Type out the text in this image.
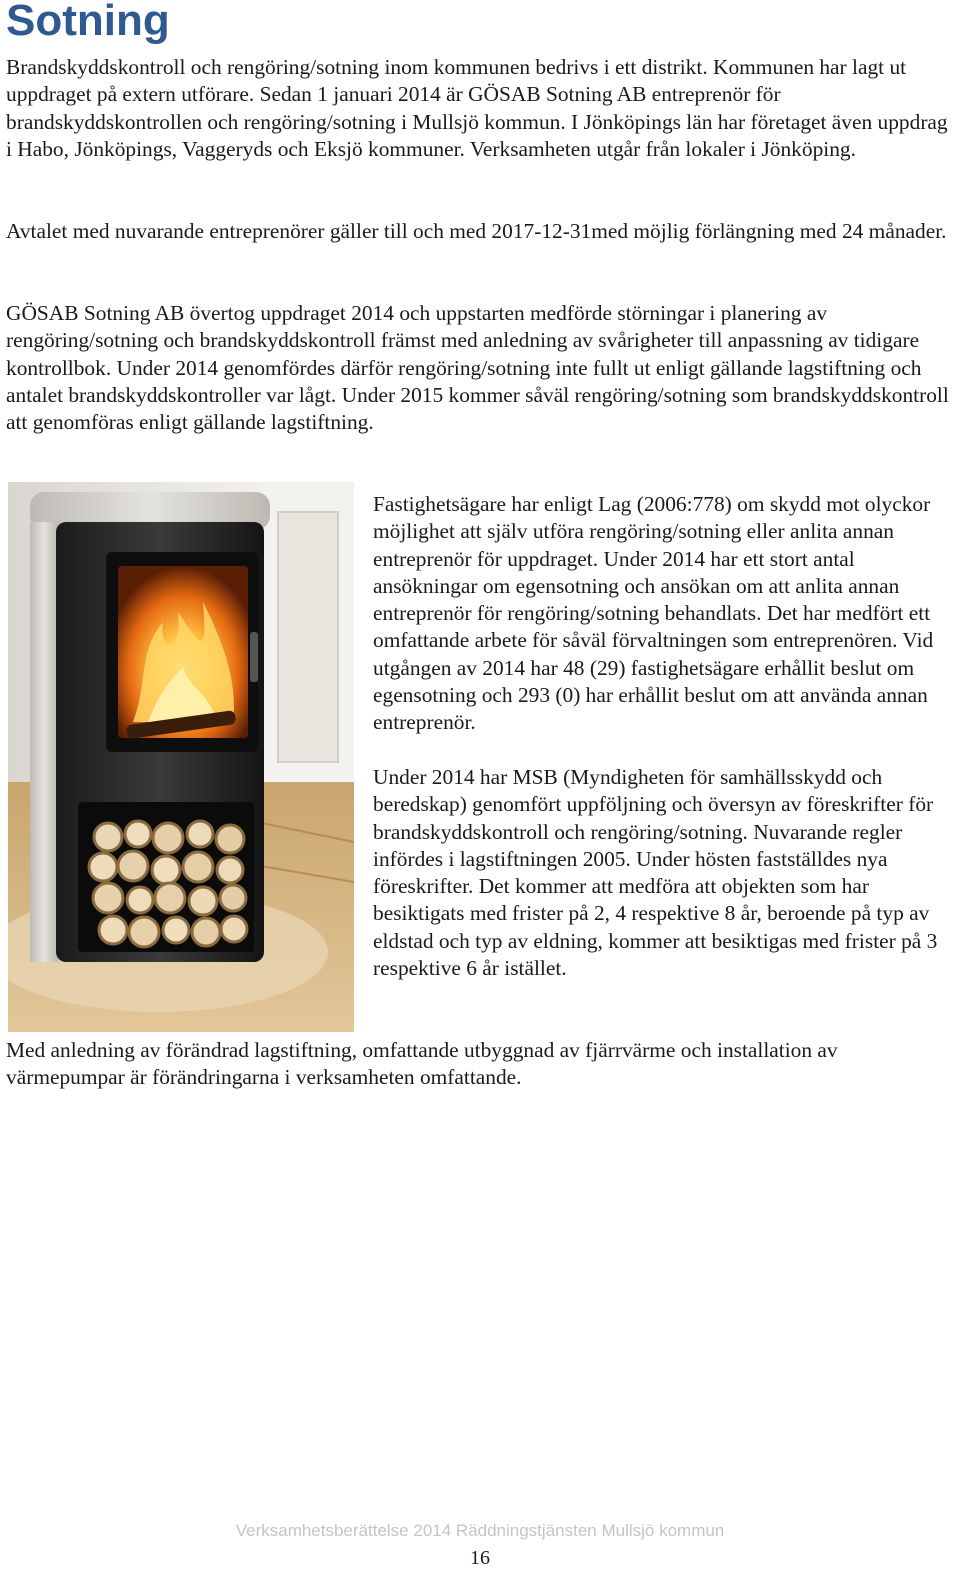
Sotning

Brandskyddskontroll och rengöring/sotning inom kommunen bedrivs i ett distrikt. Kommunen har lagt ut uppdraget på extern utförare. Sedan 1 januari 2014 är GÖSAB Sotning AB entreprenör för brandskyddskontrollen och rengöring/sotning i Mullsjö kommun. I Jönköpings län har företaget även uppdrag i Habo, Jönköpings, Vaggeryds och Eksjö kommuner. Verksamheten utgår från lokaler i Jönköping.

Avtalet med nuvarande entreprenörer gäller till och med 2017-12-31med möjlig förlängning med 24 månader.

GÖSAB Sotning AB övertog uppdraget 2014 och uppstarten medförde störningar i planering av rengöring/sotning och brandskyddskontroll främst med anledning av svårigheter till anpassning av tidigare kontrollbok. Under 2014 genomfördes därför rengöring/sotning inte fullt ut enligt gällande lagstiftning och antalet brandskyddskontroller var lågt. Under 2015 kommer såväl rengöring/sotning som brandskyddskontroll att genomföras enligt gällande lagstiftning.

Fastighetsägare har enligt Lag (2006:778) om skydd mot olyckor möjlighet att själv utföra rengöring/sotning eller anlita annan entreprenör för uppdraget. Under 2014 har ett stort antal ansökningar om egensotning och ansökan om att anlita annan entreprenör för rengöring/sotning behandlats. Det har medfört ett omfattande arbete för såväl förvaltningen som entreprenören. Vid utgången av 2014 har 48 (29) fastighetsägare erhållit beslut om egensotning och 293 (0) har erhållit beslut om att använda annan entreprenör.

Under 2014 har MSB (Myndigheten för samhällsskydd och beredskap) genomfört uppföljning och översyn av föreskrifter för brandskyddskontroll och rengöring/sotning. Nuvarande regler infördes i lagstiftningen 2005. Under hösten fastställdes nya föreskrifter. Det kommer att medföra att objekten som har besiktigats med frister på 2, 4 respektive 8 år, beroende på typ av eldstad och typ av eldning, kommer att besiktigas med frister på 3 respektive 6 år istället.

Med anledning av förändrad lagstiftning, omfattande utbyggnad av fjärrvärme och installation av värmepumpar är förändringarna i verksamheten omfattande.

Verksamhetsberättelse 2014 Räddningstjänsten Mullsjö kommun

16
